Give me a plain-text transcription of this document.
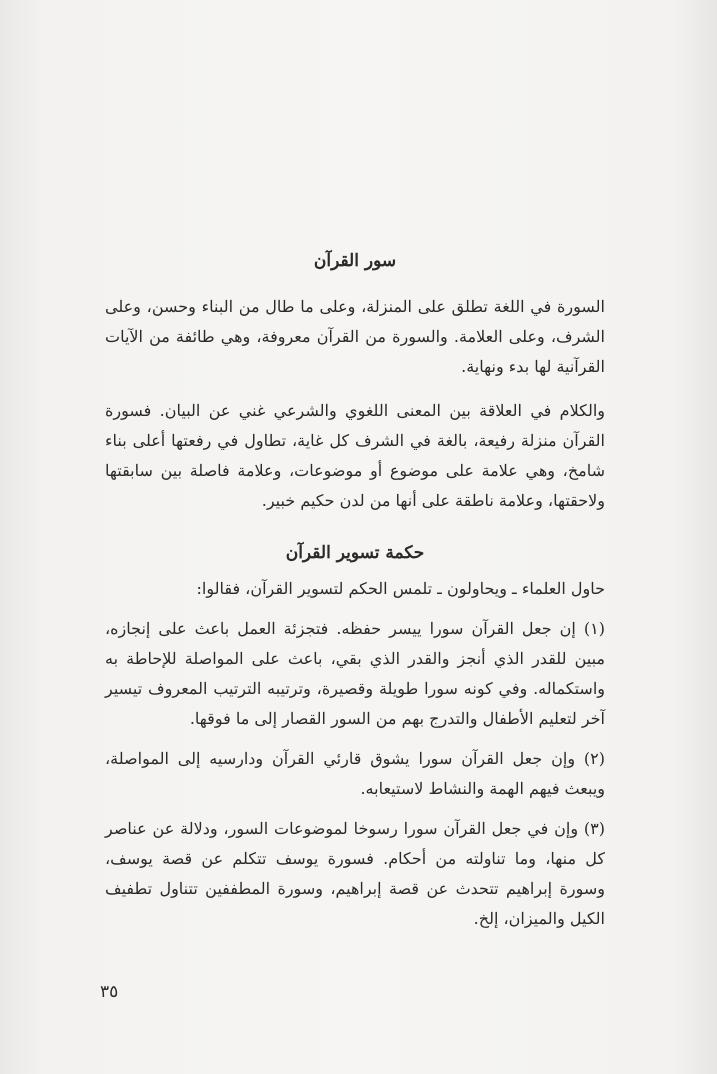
سور القرآن

السورة في اللغة تطلق على المنزلة، وعلى ما طال من البناء وحسن، وعلى الشرف، وعلى العلامة. والسورة من القرآن معروفة، وهي طائفة من الآيات القرآنية لها بدء ونهاية.

والكلام في العلاقة بين المعنى اللغوي والشرعي غني عن البيان. فسورة القرآن منزلة رفيعة، بالغة في الشرف كل غاية، تطاول في رفعتها أعلى بناء شامخ، وهي علامة على موضوع أو موضوعات، وعلامة فاصلة بين سابقتها ولاحقتها، وعلامة ناطقة على أنها من لدن حكيم خبير.

حكمة تسوير القرآن

حاول العلماء ـ ويحاولون ـ تلمس الحكم لتسوير القرآن، فقالوا:

(١) إن جعل القرآن سورا ييسر حفظه. فتجزئة العمل باعث على إنجازه، مبين للقدر الذي أنجز والقدر الذي بقي، باعث على المواصلة للإحاطة به واستكماله. وفي كونه سورا طويلة وقصيرة، وترتيبه الترتيب المعروف تيسير آخر لتعليم الأطفال والتدرج بهم من السور القصار إلى ما فوقها.

(٢) وإن جعل القرآن سورا يشوق قارئي القرآن ودارسيه إلى المواصلة، ويبعث فيهم الهمة والنشاط لاستيعابه.

(٣) وإن في جعل القرآن سورا رسوخا لموضوعات السور، ودلالة عن عناصر كل منها، وما تناولته من أحكام. فسورة يوسف تتكلم عن قصة يوسف، وسورة إبراهيم تتحدث عن قصة إبراهيم، وسورة المطففين تتناول تطفيف الكيل والميزان، إلخ.

٣٥
